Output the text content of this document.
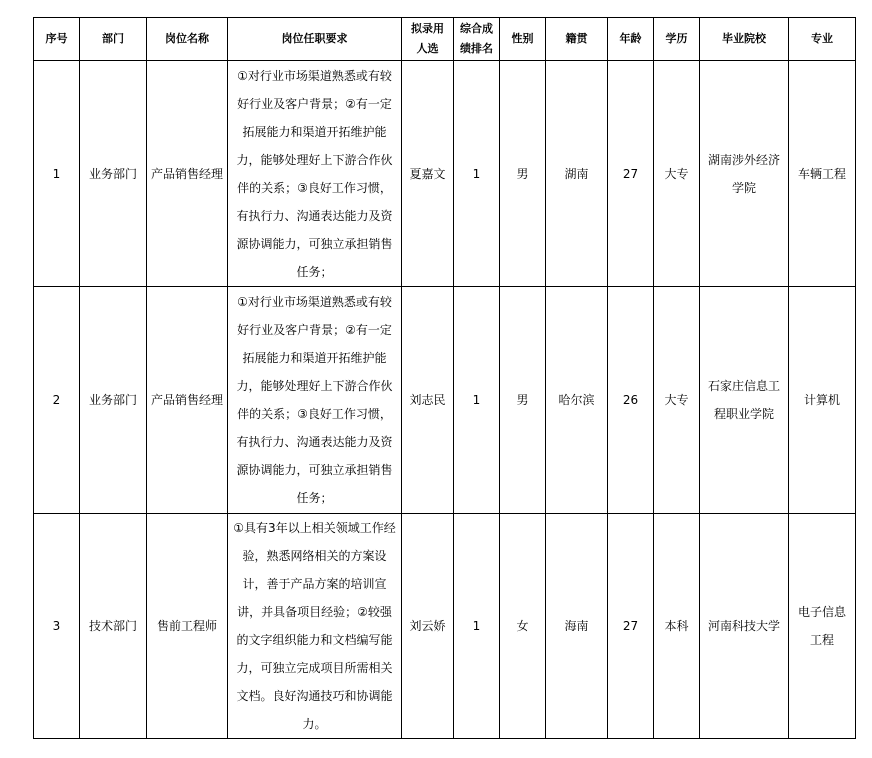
序号	部门	岗位名称	岗位任职要求	拟录用人选	综合成绩排名	性别	籍贯	年龄	学历	毕业院校	专业
1	业务部门	产品销售经理	①对行业市场渠道熟悉或有较好行业及客户背景；②有一定拓展能力和渠道开拓维护能力，能够处理好上下游合作伙伴的关系；③良好工作习惯，有执行力、沟通表达能力及资源协调能力，可独立承担销售任务；	夏嘉文	1	男	湖南	27	大专	湖南涉外经济学院	车辆工程
2	业务部门	产品销售经理	①对行业市场渠道熟悉或有较好行业及客户背景；②有一定拓展能力和渠道开拓维护能力，能够处理好上下游合作伙伴的关系；③良好工作习惯，有执行力、沟通表达能力及资源协调能力，可独立承担销售任务；	刘志民	1	男	哈尔滨	26	大专	石家庄信息工程职业学院	计算机
3	技术部门	售前工程师	①具有3年以上相关领域工作经验，熟悉网络相关的方案设计，善于产品方案的培训宣讲，并具备项目经验；②较强的文字组织能力和文档编写能力，可独立完成项目所需相关文档。良好沟通技巧和协调能力。	刘云娇	1	女	海南	27	本科	河南科技大学	电子信息工程
